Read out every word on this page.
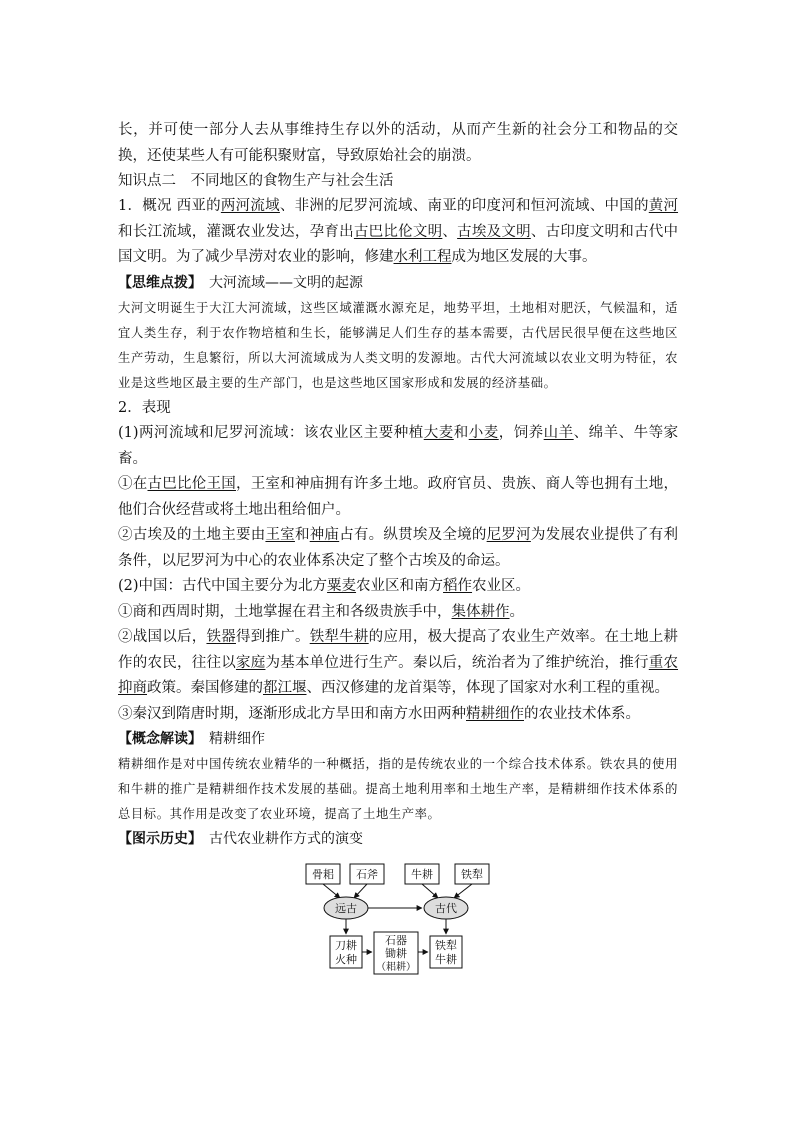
长，并可使一部分人去从事维持生存以外的活动，从而产生新的社会分工和物品的交换，还使某些人有可能积聚财富，导致原始社会的崩溃。

知识点二　不同地区的食物生产与社会生活

1．概况 西亚的两河流域、非洲的尼罗河流域、南亚的印度河和恒河流域、中国的黄河和长江流域，灌溉农业发达，孕育出古巴比伦文明、古埃及文明、古印度文明和古代中国文明。为了减少旱涝对农业的影响，修建水利工程成为地区发展的大事。

【思维点拨】　大河流域——文明的起源

大河文明诞生于大江大河流域，这些区域灌溉水源充足，地势平坦，土地相对肥沃，气候温和，适宜人类生存，利于农作物培植和生长，能够满足人们生存的基本需要，古代居民很早便在这些地区生产劳动，生息繁衍，所以大河流域成为人类文明的发源地。古代大河流域以农业文明为特征，农业是这些地区最主要的生产部门，也是这些地区国家形成和发展的经济基础。

2．表现

(1)两河流域和尼罗河流域：该农业区主要种植大麦和小麦，饲养山羊、绵羊、牛等家畜。

①在古巴比伦王国，王室和神庙拥有许多土地。政府官员、贵族、商人等也拥有土地，他们合伙经营或将土地出租给佃户。

②古埃及的土地主要由王室和神庙占有。纵贯埃及全境的尼罗河为发展农业提供了有利条件，以尼罗河为中心的农业体系决定了整个古埃及的命运。

(2)中国：古代中国主要分为北方粟麦农业区和南方稻作农业区。

①商和西周时期，土地掌握在君主和各级贵族手中，集体耕作。

②战国以后，铁器得到推广。铁犁牛耕的应用，极大提高了农业生产效率。在土地上耕作的农民，往往以家庭为基本单位进行生产。秦以后，统治者为了维护统治，推行重农抑商政策。秦国修建的都江堰、西汉修建的龙首渠等，体现了国家对水利工程的重视。

③秦汉到隋唐时期，逐渐形成北方旱田和南方水田两种精耕细作的农业技术体系。

【概念解读】　精耕细作

精耕细作是对中国传统农业精华的一种概括，指的是传统农业的一个综合技术体系。铁农具的使用和牛耕的推广是精耕细作技术发展的基础。提高土地利用率和土地生产率，是精耕细作技术体系的总目标。其作用是改变了农业环境，提高了土地生产率。

【图示历史】　古代农业耕作方式的演变

骨耜 石斧	牛耕	铁犁
远古	古代
刀耕
火种
石器
锄耕
（耜耕）
铁犁
牛耕
